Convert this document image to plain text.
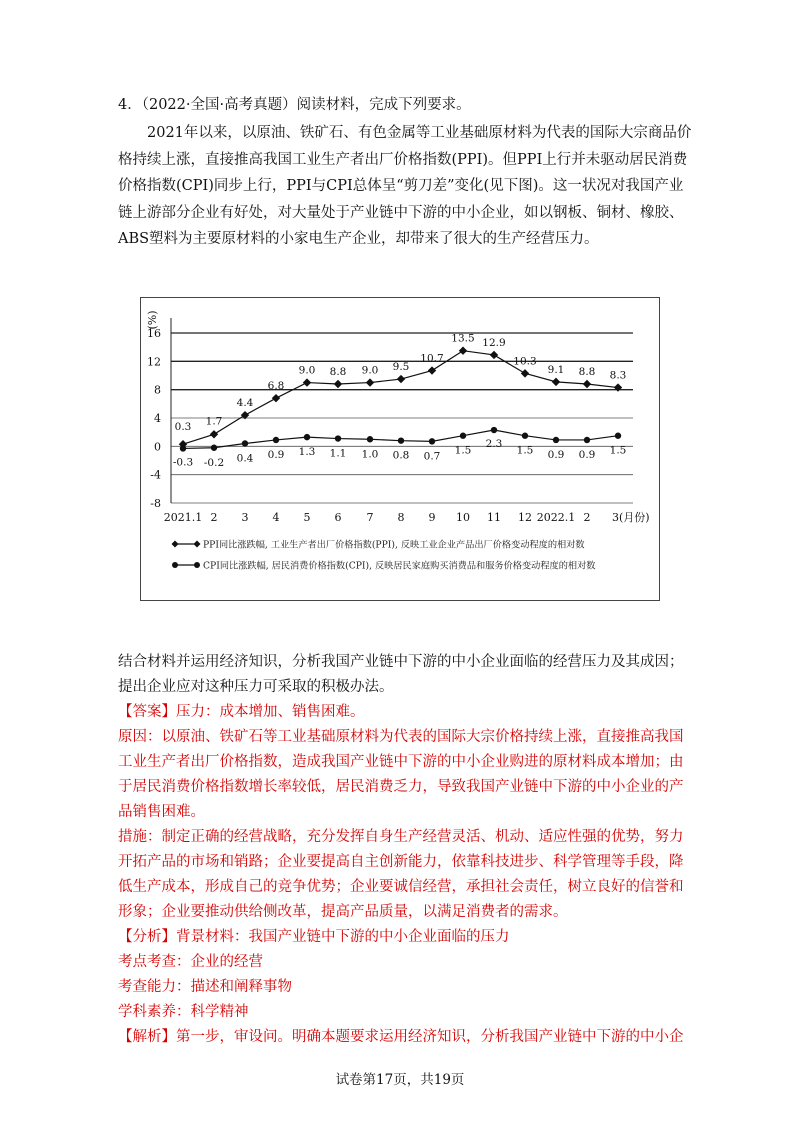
4．（2022·全国·高考真题）阅读材料，完成下列要求。
2021年以来，以原油、铁矿石、有色金属等工业基础原材料为代表的国际大宗商品价
格持续上涨，直接推高我国工业生产者出厂价格指数(PPI)。但PPI上行并未驱动居民消费
价格指数(CPI)同步上行，PPI与CPI总体呈“剪刀差”变化(见下图)。这一状况对我国产业
链上游部分企业有好处，对大量处于产业链中下游的中小企业，如以钢板、铜材、橡胶、
ABS塑料为主要原材料的小家电生产企业，却带来了很大的生产经营压力。
16
12
8
4
0
-4
-8
(%)
2021.1 2 3 4 5 6 7 8 9 10 11 12 2022.1 2 3(月份)
0.3 1.7
4.4
6.8
9.0 8.8 9.0 9.5
10.7
13.5 12.9
10.3
9.1 8.8 8.3
-0.3 -0.2 0.4 0.9 1.3 1.1 1.0 0.8 0.7 1.5
2.3
1.5 0.9 0.9 1.5
PPI同比涨跌幅, 工业生产者出厂价格指数(PPI), 反映工业企业产品出厂价格变动程度的相对数
CPI同比涨跌幅, 居民消费价格指数(CPI), 反映居民家庭购买消费品和服务价格变动程度的相对数
结合材料并运用经济知识，分析我国产业链中下游的中小企业面临的经营压力及其成因；
提出企业应对这种压力可采取的积极办法。
【答案】压力：成本增加、销售困难。
原因：以原油、铁矿石等工业基础原材料为代表的国际大宗价格持续上涨，直接推高我国
工业生产者出厂价格指数，造成我国产业链中下游的中小企业购进的原材料成本增加；由
于居民消费价格指数增长率较低，居民消费乏力，导致我国产业链中下游的中小企业的产
品销售困难。
措施：制定正确的经营战略，充分发挥自身生产经营灵活、机动、适应性强的优势，努力
开拓产品的市场和销路；企业要提高自主创新能力，依靠科技进步、科学管理等手段，降
低生产成本，形成自己的竞争优势；企业要诚信经营，承担社会责任，树立良好的信誉和
形象；企业要推动供给侧改革，提高产品质量，以满足消费者的需求。
【分析】背景材料：我国产业链中下游的中小企业面临的压力
考点考查：企业的经营
考查能力：描述和阐释事物
学科素养：科学精神
【解析】第一步，审设问。明确本题要求运用经济知识，分析我国产业链中下游的中小企
试卷第17页，共19页
